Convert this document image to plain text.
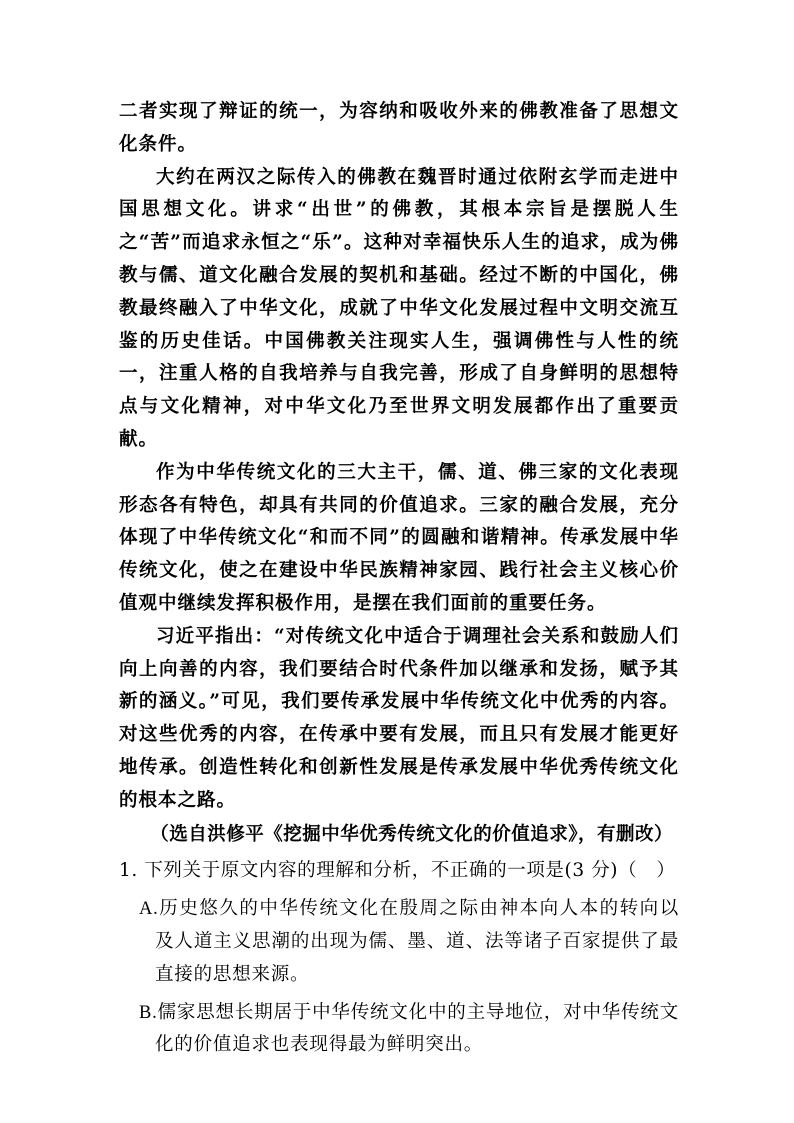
二者实现了辩证的统一，为容纳和吸收外来的佛教准备了思想文化条件。

大约在两汉之际传入的佛教在魏晋时通过依附玄学而走进中国思想文化。讲求“出世”的佛教，其根本宗旨是摆脱人生之“苦”而追求永恒之“乐”。这种对幸福快乐人生的追求，成为佛教与儒、道文化融合发展的契机和基础。经过不断的中国化，佛教最终融入了中华文化，成就了中华文化发展过程中文明交流互鉴的历史佳话。中国佛教关注现实人生，强调佛性与人性的统一，注重人格的自我培养与自我完善，形成了自身鲜明的思想特点与文化精神，对中华文化乃至世界文明发展都作出了重要贡献。

作为中华传统文化的三大主干，儒、道、佛三家的文化表现形态各有特色，却具有共同的价值追求。三家的融合发展，充分体现了中华传统文化“和而不同”的圆融和谐精神。传承发展中华传统文化，使之在建设中华民族精神家园、践行社会主义核心价值观中继续发挥积极作用，是摆在我们面前的重要任务。

习近平指出：“对传统文化中适合于调理社会关系和鼓励人们向上向善的内容，我们要结合时代条件加以继承和发扬，赋予其新的涵义。”可见，我们要传承发展中华传统文化中优秀的内容。对这些优秀的内容，在传承中要有发展，而且只有发展才能更好地传承。创造性转化和创新性发展是传承发展中华优秀传统文化的根本之路。

（选自洪修平《挖掘中华优秀传统文化的价值追求》，有删改）

1. 下列关于原文内容的理解和分析，不正确的一项是(3 分)（　）

A.历史悠久的中华传统文化在殷周之际由神本向人本的转向以及人道主义思潮的出现为儒、墨、道、法等诸子百家提供了最直接的思想来源。

B.儒家思想长期居于中华传统文化中的主导地位，对中华传统文化的价值追求也表现得最为鲜明突出。
